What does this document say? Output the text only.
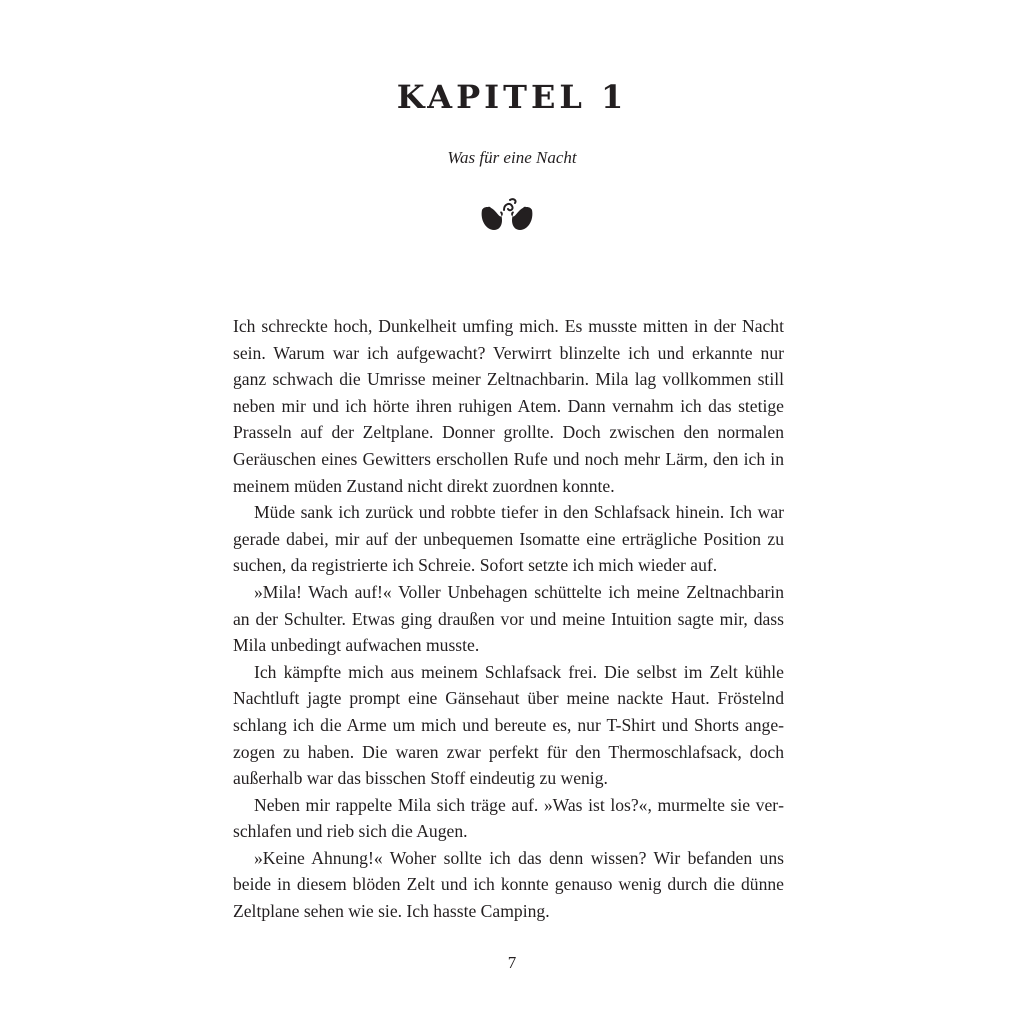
KAPITEL 1
Was für eine Nacht

Ich schreckte hoch, Dunkelheit umfing mich. Es musste mitten in der Nacht sein. Warum war ich aufgewacht? Verwirrt blinzelte ich und erkannte nur ganz schwach die Umrisse meiner Zeltnachbarin. Mila lag vollkommen still neben mir und ich hörte ihren ruhigen Atem. Dann vernahm ich das stetige Prasseln auf der Zeltplane. Donner grollte. Doch zwischen den normalen Geräuschen eines Gewitters erschollen Rufe und noch mehr Lärm, den ich in meinem müden Zustand nicht direkt zuordnen konnte.

Müde sank ich zurück und robbte tiefer in den Schlafsack hinein. Ich war gerade dabei, mir auf der unbequemen Isomatte eine erträgliche Position zu suchen, da registrierte ich Schreie. Sofort setzte ich mich wieder auf.

»Mila! Wach auf!« Voller Unbehagen schüttelte ich meine Zeltnachbarin an der Schulter. Etwas ging draußen vor und meine Intuition sagte mir, dass Mila unbedingt aufwachen musste.

Ich kämpfte mich aus meinem Schlafsack frei. Die selbst im Zelt kühle Nachtluft jagte prompt eine Gänsehaut über meine nackte Haut. Fröstelnd schlang ich die Arme um mich und bereute es, nur T-Shirt und Shorts angezogen zu haben. Die waren zwar perfekt für den Thermoschlafsack, doch außerhalb war das bisschen Stoff eindeutig zu wenig.

Neben mir rappelte Mila sich träge auf. »Was ist los?«, murmelte sie verschlafen und rieb sich die Augen.

»Keine Ahnung!« Woher sollte ich das denn wissen? Wir befanden uns beide in diesem blöden Zelt und ich konnte genauso wenig durch die dünne Zeltplane sehen wie sie. Ich hasste Camping.

7
